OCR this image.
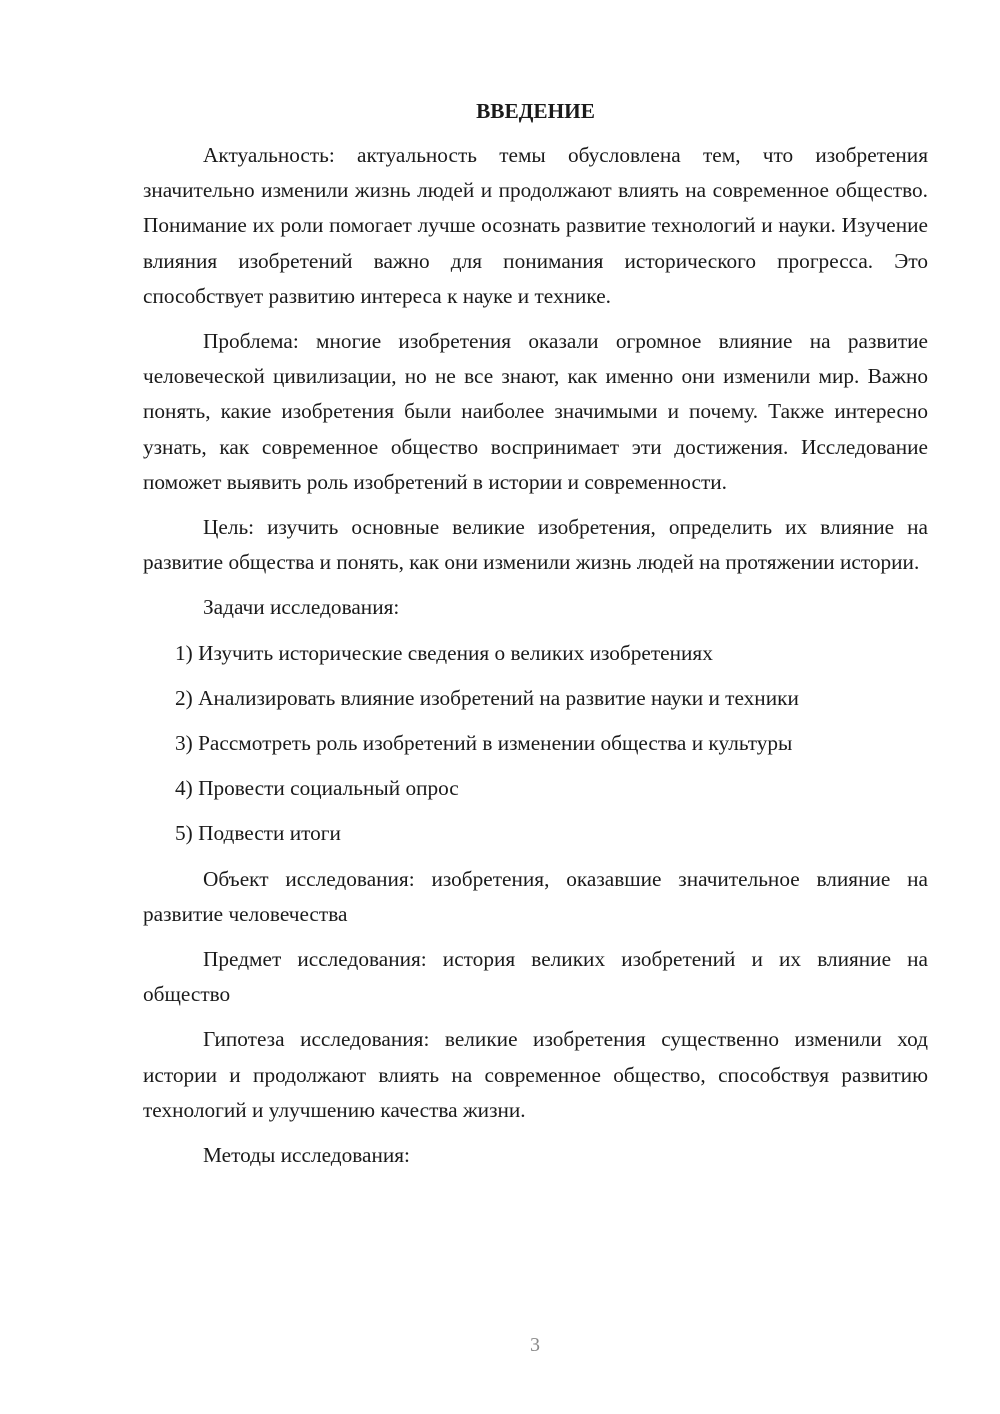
ВВЕДЕНИЕ

Актуальность: актуальность темы обусловлена тем, что изобретения значительно изменили жизнь людей и продолжают влиять на современное общество. Понимание их роли помогает лучше осознать развитие технологий и науки. Изучение влияния изобретений важно для понимания исторического прогресса. Это способствует развитию интереса к науке и технике.

Проблема: многие изобретения оказали огромное влияние на развитие человеческой цивилизации, но не все знают, как именно они изменили мир. Важно понять, какие изобретения были наиболее значимыми и почему. Также интересно узнать, как современное общество воспринимает эти достижения. Исследование поможет выявить роль изобретений в истории и современности.

Цель: изучить основные великие изобретения, определить их влияние на развитие общества и понять, как они изменили жизнь людей на протяжении истории.

Задачи исследования:

1) Изучить исторические сведения о великих изобретениях
2) Анализировать влияние изобретений на развитие науки и техники
3) Рассмотреть роль изобретений в изменении общества и культуры
4) Провести социальный опрос
5) Подвести итоги

Объект исследования: изобретения, оказавшие значительное влияние на развитие человечества

Предмет исследования: история великих изобретений и их влияние на общество

Гипотеза исследования: великие изобретения существенно изменили ход истории и продолжают влиять на современное общество, способствуя развитию технологий и улучшению качества жизни.

Методы исследования:

3
